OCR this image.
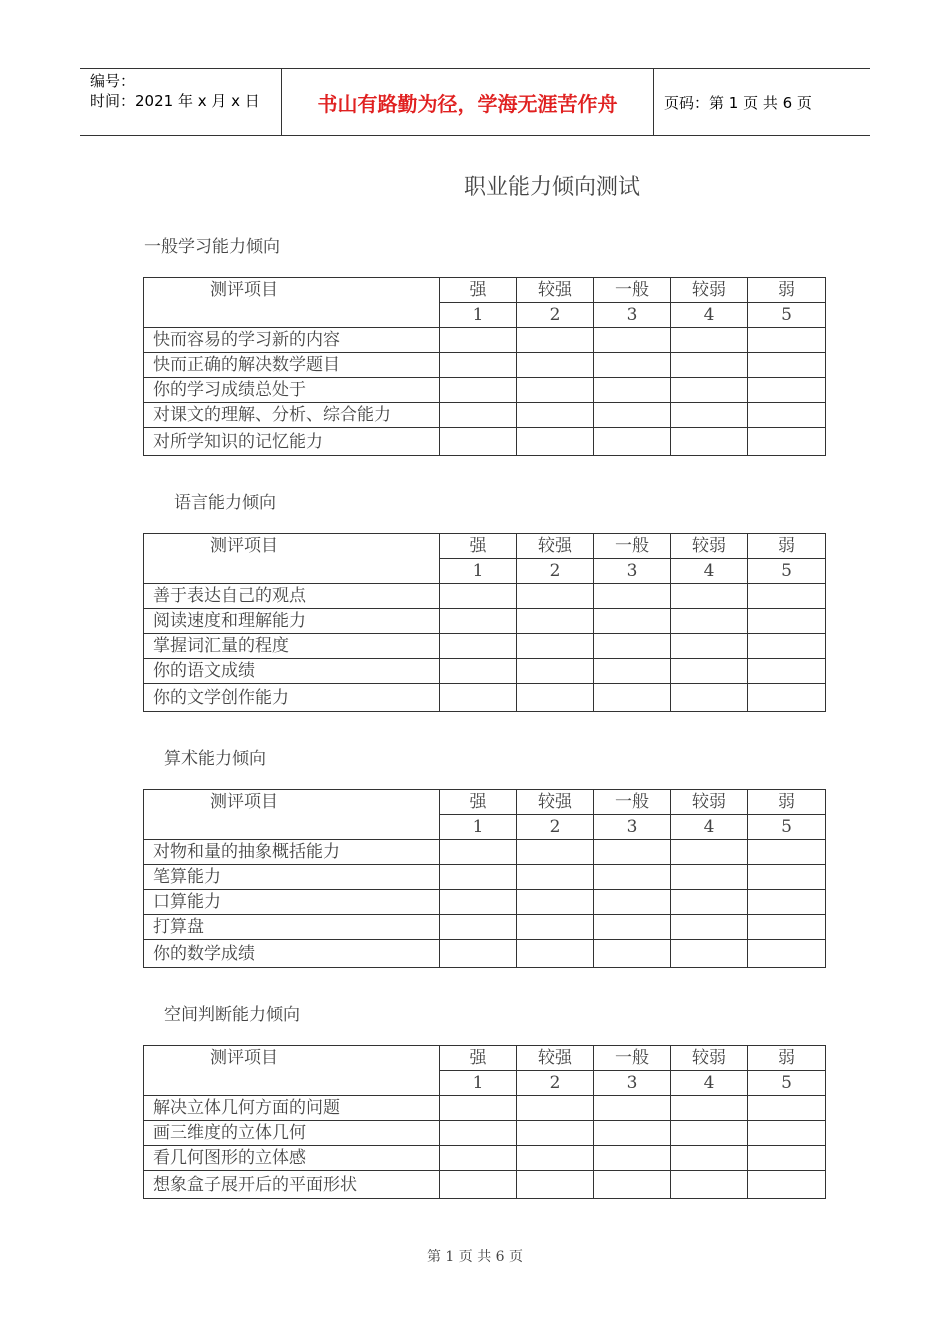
编号：
时间：2021 年 x 月 x 日	书山有路勤为径，学海无涯苦作舟	页码：第 1 页 共 6 页
职业能力倾向测试
一般学习能力倾向
测评项目	强	较强	一般	较弱	弱
	1	2	3	4	5
快而容易的学习新的内容					
快而正确的解决数学题目					
你的学习成绩总处于					
对课文的理解、分析、综合能力					
对所学知识的记忆能力					
语言能力倾向
测评项目	强	较强	一般	较弱	弱
	1	2	3	4	5
善于表达自己的观点					
阅读速度和理解能力					
掌握词汇量的程度					
你的语文成绩					
你的文学创作能力					
算术能力倾向
测评项目	强	较强	一般	较弱	弱
	1	2	3	4	5
对物和量的抽象概括能力					
笔算能力					
口算能力					
打算盘					
你的数学成绩					
空间判断能力倾向
测评项目	强	较强	一般	较弱	弱
	1	2	3	4	5
解决立体几何方面的问题					
画三维度的立体几何					
看几何图形的立体感					
想象盒子展开后的平面形状					
第 1 页 共 6 页
